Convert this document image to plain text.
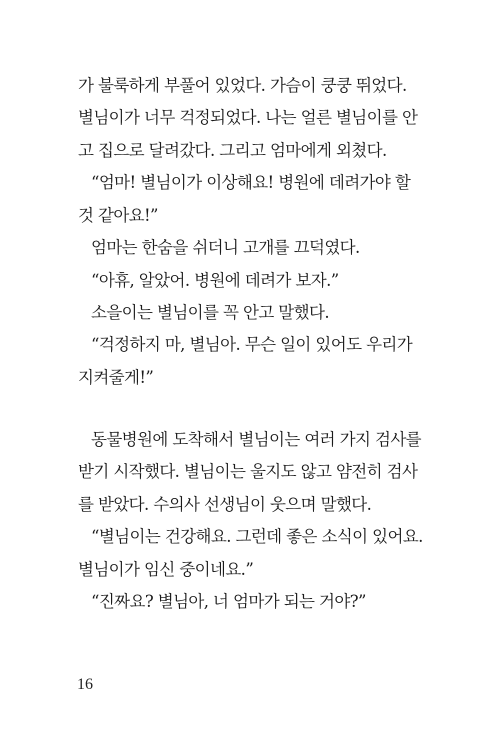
가 불룩하게 부풀어 있었다. 가슴이 쿵쿵 뛰었다.
별님이가 너무 걱정되었다. 나는 얼른 별님이를 안
고 집으로 달려갔다. 그리고 엄마에게 외쳤다.
“엄마! 별님이가 이상해요! 병원에 데려가야 할
것 같아요!”
엄마는 한숨을 쉬더니 고개를 끄덕였다.
“아휴, 알았어. 병원에 데려가 보자.”
소을이는 별님이를 꼭 안고 말했다.
“걱정하지 마, 별님아. 무슨 일이 있어도 우리가
지켜줄게!”
동물병원에 도착해서 별님이는 여러 가지 검사를
받기 시작했다. 별님이는 울지도 않고 얌전히 검사
를 받았다. 수의사 선생님이 웃으며 말했다.
“별님이는 건강해요. 그런데 좋은 소식이 있어요.
별님이가 임신 중이네요.”
“진짜요? 별님아, 너 엄마가 되는 거야?”
16
